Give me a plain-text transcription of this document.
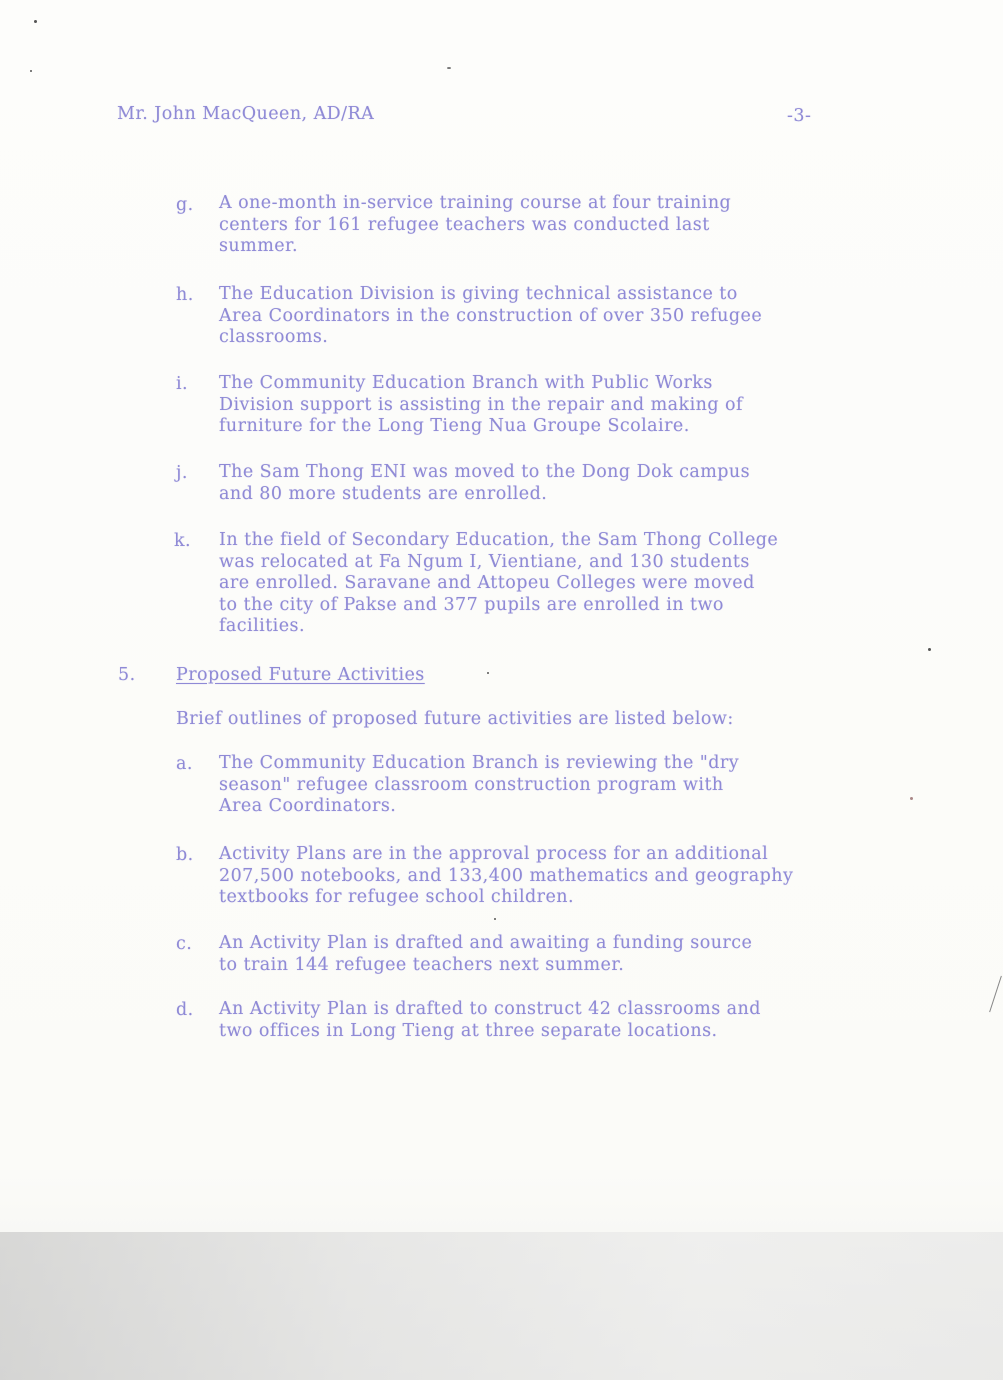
Mr. John MacQueen, AD/RA	-3-
g. A one-month in-service training course at four training
centers for 161 refugee teachers was conducted last
summer.
h. The Education Division is giving technical assistance to
Area Coordinators in the construction of over 350 refugee
classrooms.
i. The Community Education Branch with Public Works
Division support is assisting in the repair and making of
furniture for the Long Tieng Nua Groupe Scolaire.
j. The Sam Thong ENI was moved to the Dong Dok campus
and 80 more students are enrolled.
k. In the field of Secondary Education, the Sam Thong College
was relocated at Fa Ngum I, Vientiane, and 130 students
are enrolled. Saravane and Attopeu Colleges were moved
to the city of Pakse and 377 pupils are enrolled in two
facilities.
5. Proposed Future Activities
Brief outlines of proposed future activities are listed below:
a. The Community Education Branch is reviewing the "dry
season" refugee classroom construction program with
Area Coordinators.
b. Activity Plans are in the approval process for an additional
207,500 notebooks, and 133,400 mathematics and geography
textbooks for refugee school children.
c. An Activity Plan is drafted and awaiting a funding source
to train 144 refugee teachers next summer.
d. An Activity Plan is drafted to construct 42 classrooms and
two offices in Long Tieng at three separate locations.
